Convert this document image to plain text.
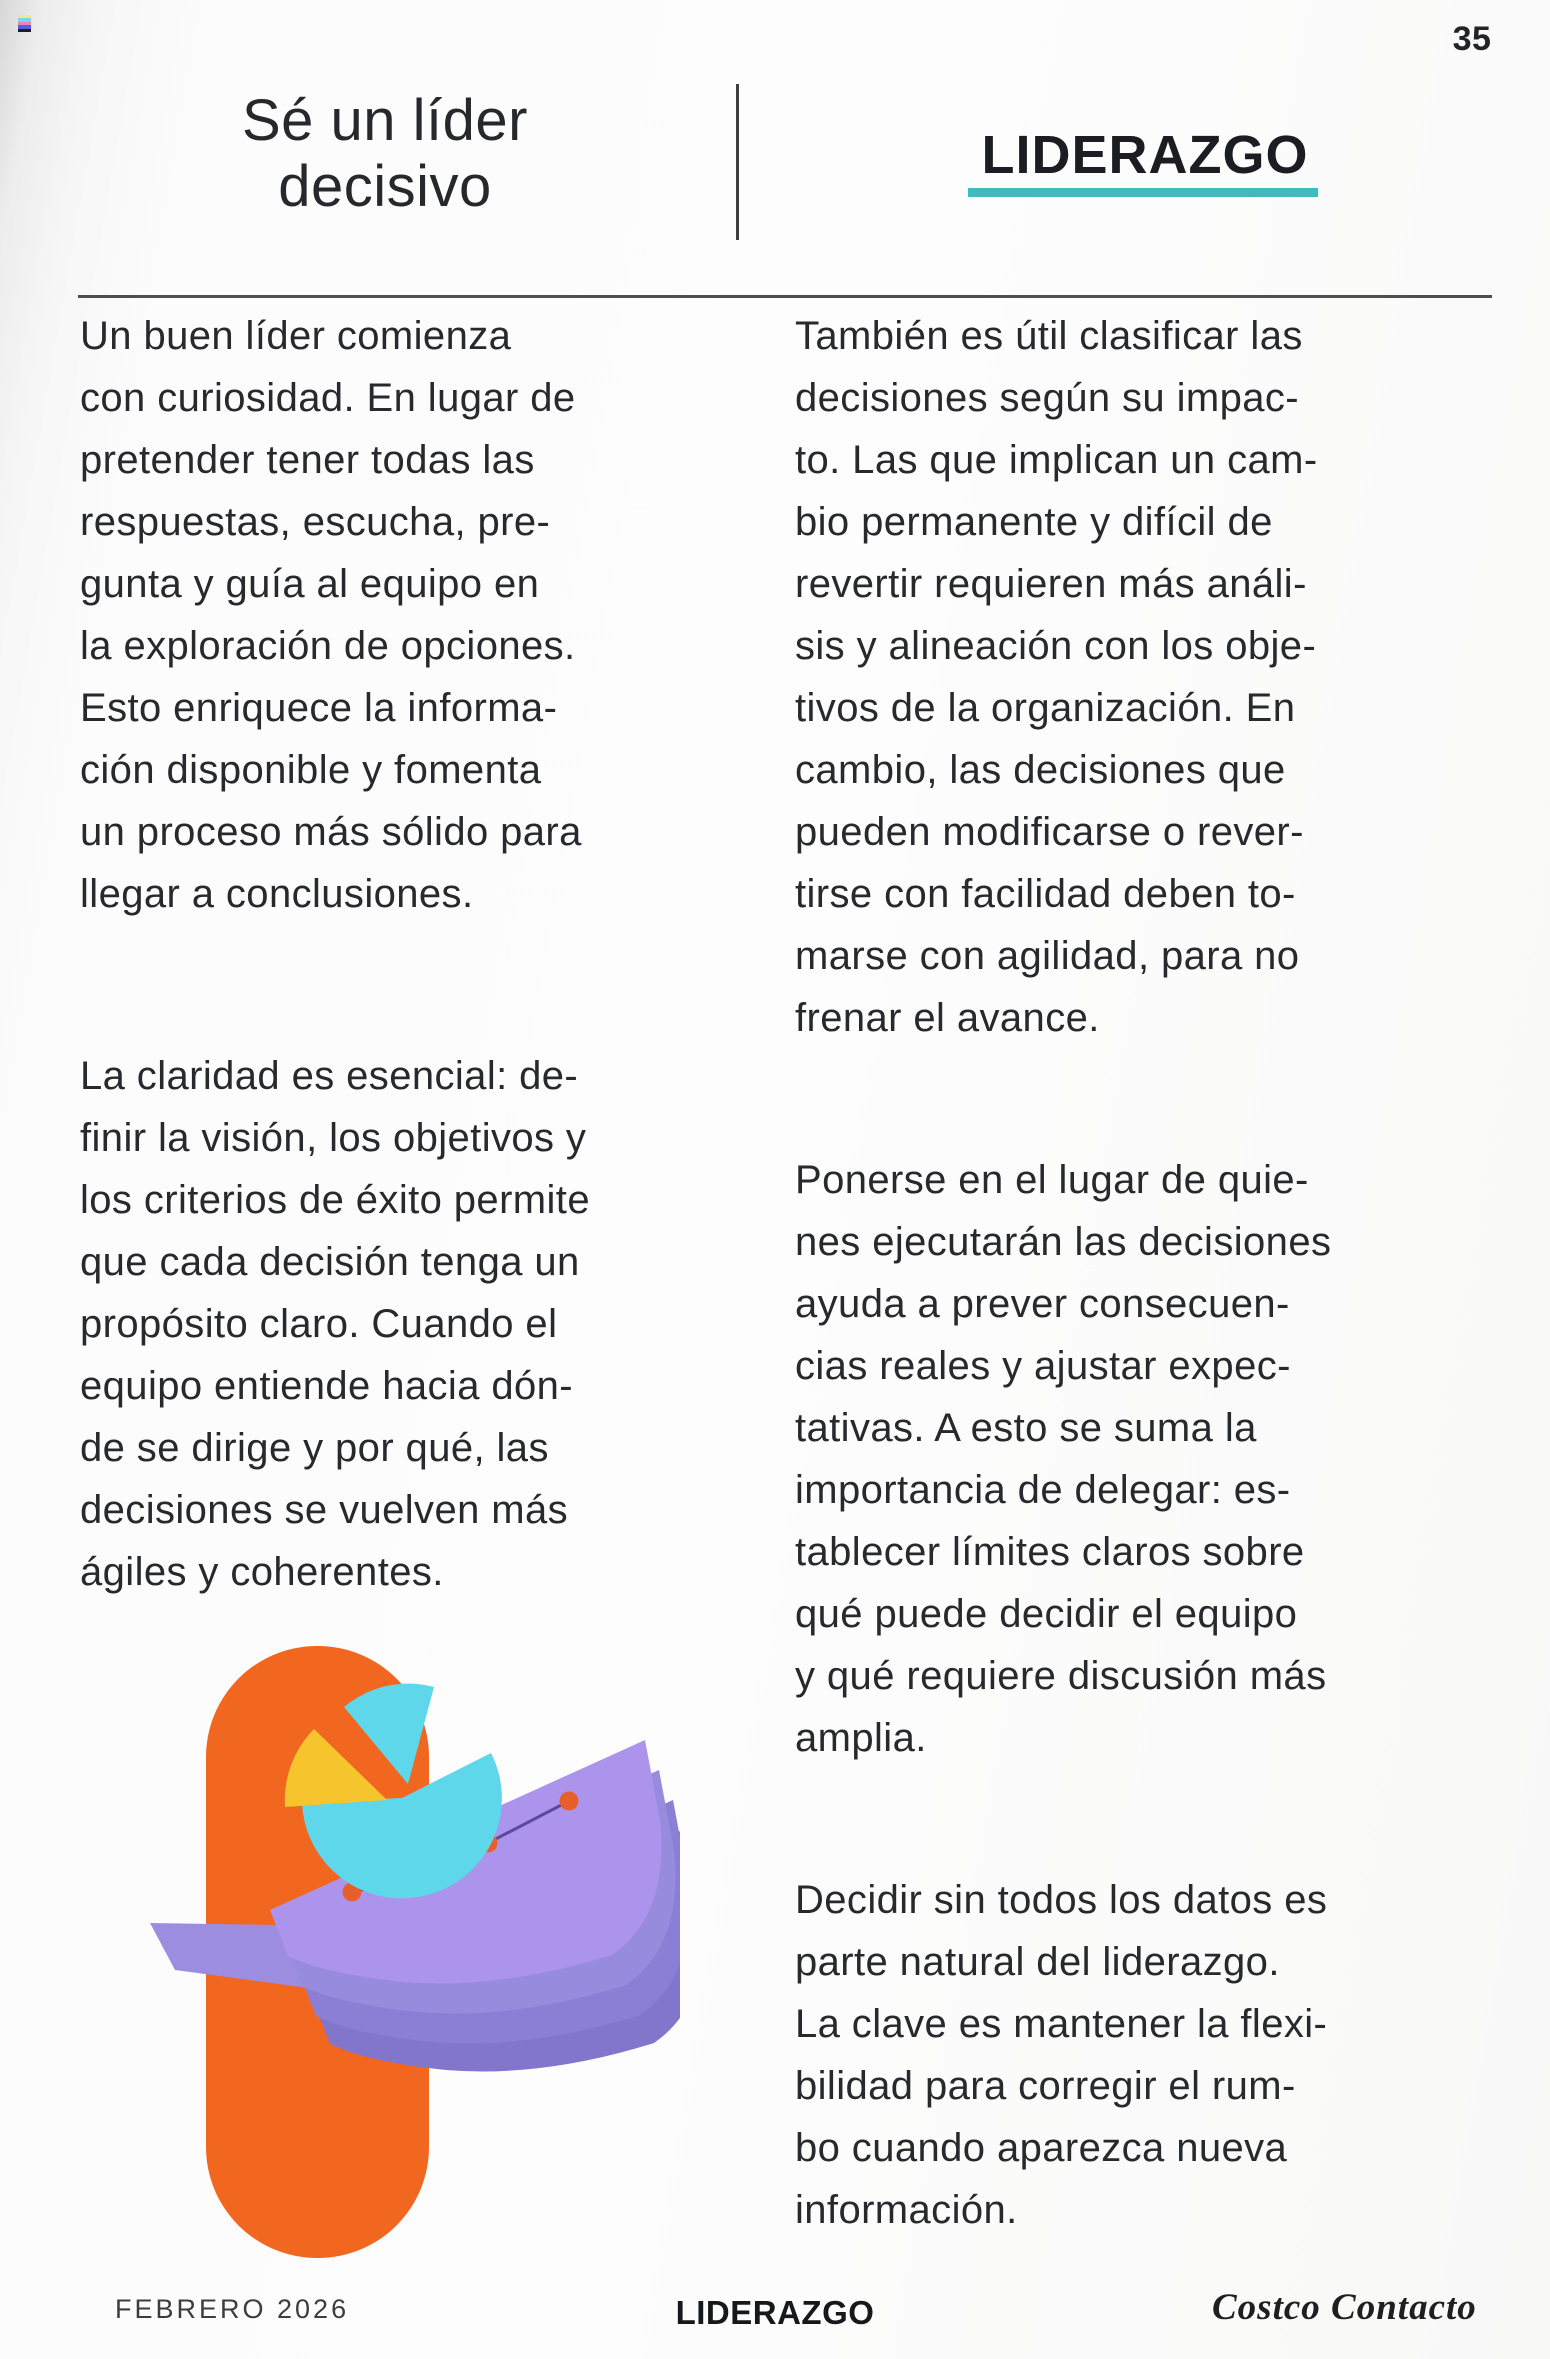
35
Sé un líder
decisivo	LIDERAZGO

Un buen líder comienza
con curiosidad. En lugar de
pretender tener todas las
respuestas, escucha, pre-
gunta y guía al equipo en
la exploración de opciones.
Esto enriquece la informa-
ción disponible y fomenta
un proceso más sólido para
llegar a conclusiones.

La claridad es esencial: de-
finir la visión, los objetivos y
los criterios de éxito permite
que cada decisión tenga un
propósito claro. Cuando el
equipo entiende hacia dón-
de se dirige y por qué, las
decisiones se vuelven más
ágiles y coherentes.

También es útil clasificar las
decisiones según su impac-
to. Las que implican un cam-
bio permanente y difícil de
revertir requieren más análi-
sis y alineación con los obje-
tivos de la organización. En
cambio, las decisiones que
pueden modificarse o rever-
tirse con facilidad deben to-
marse con agilidad, para no
frenar el avance.

Ponerse en el lugar de quie-
nes ejecutarán las decisiones
ayuda a prever consecuen-
cias reales y ajustar expec-
tativas. A esto se suma la
importancia de delegar: es-
tablecer límites claros sobre
qué puede decidir el equipo
y qué requiere discusión más
amplia.

Decidir sin todos los datos es
parte natural del liderazgo.
La clave es mantener la flexi-
bilidad para corregir el rum-
bo cuando aparezca nueva
información.

FEBRERO 2026	LIDERAZGO	Costco Contacto
